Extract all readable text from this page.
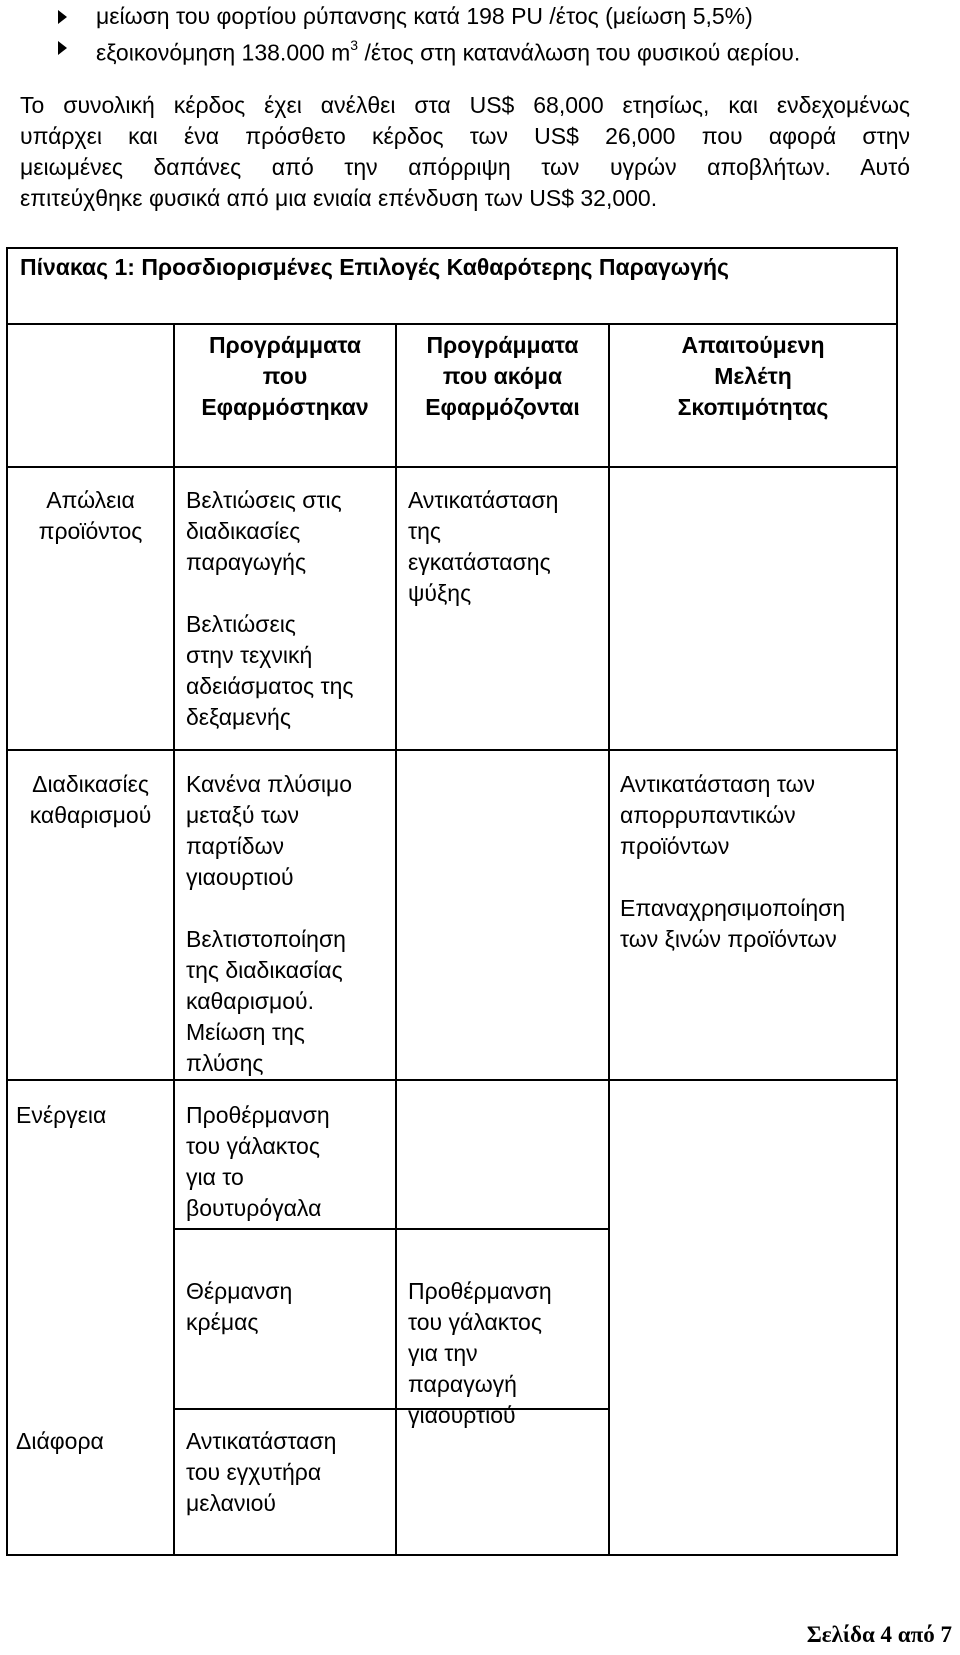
μείωση του φορτίου ρύπανσης κατά 198 PU /έτος (μείωση 5,5%)
εξοικονόμηση 138.000 $m^3$ /έτος στη κατανάλωση του φυσικού αερίου.
Το συνολική κέρδος έχει ανέλθει στα US$ 68,000 ετησίως, και ενδεχομένως
υπάρχει και ένα πρόσθετο κέρδος των US$ 26,000 που αφορά στην
μειωμένες δαπάνες από την απόρριψη των υγρών αποβλήτων. Αυτό
επιτεύχθηκε φυσικά από μια ενιαία επένδυση των US$ 32,000.
Πίνακας 1: Προσδιορισμένες Επιλογές Καθαρότερης Παραγωγής
Προγράμματα
που
Εφαρμόστηκαν
Προγράμματα
που ακόμα
Εφαρμόζονται
Απαιτούμενη
Μελέτη
Σκοπιμότητας
Απώλεια
προϊόντος
Βελτιώσεις στις
διαδικασίες
παραγωγής
Βελτιώσεις
στην τεχνική
αδειάσματος της
δεξαμενής
Αντικατάσταση
της
εγκατάστασης
ψύξης
Διαδικασίες
καθαρισμού
Κανένα πλύσιμο
μεταξύ των
παρτίδων
γιαουρτιού
Βελτιστοποίηση
της διαδικασίας
καθαρισμού.
Μείωση της
πλύσης
Αντικατάσταση των
απορρυπαντικών
προϊόντων
Επαναχρησιμοποίηση
των ξινών προϊόντων
Ενέργεια	Προθέρμανση
του γάλακτος
για το
βουτυρόγαλα
Θέρμανση
κρέμας
Προθέρμανση
του γάλακτος
για την
παραγωγή
γιαουρτιού
Διάφορα	Αντικατάσταση
του εγχυτήρα
μελανιού
Σελίδα 4 από 7
